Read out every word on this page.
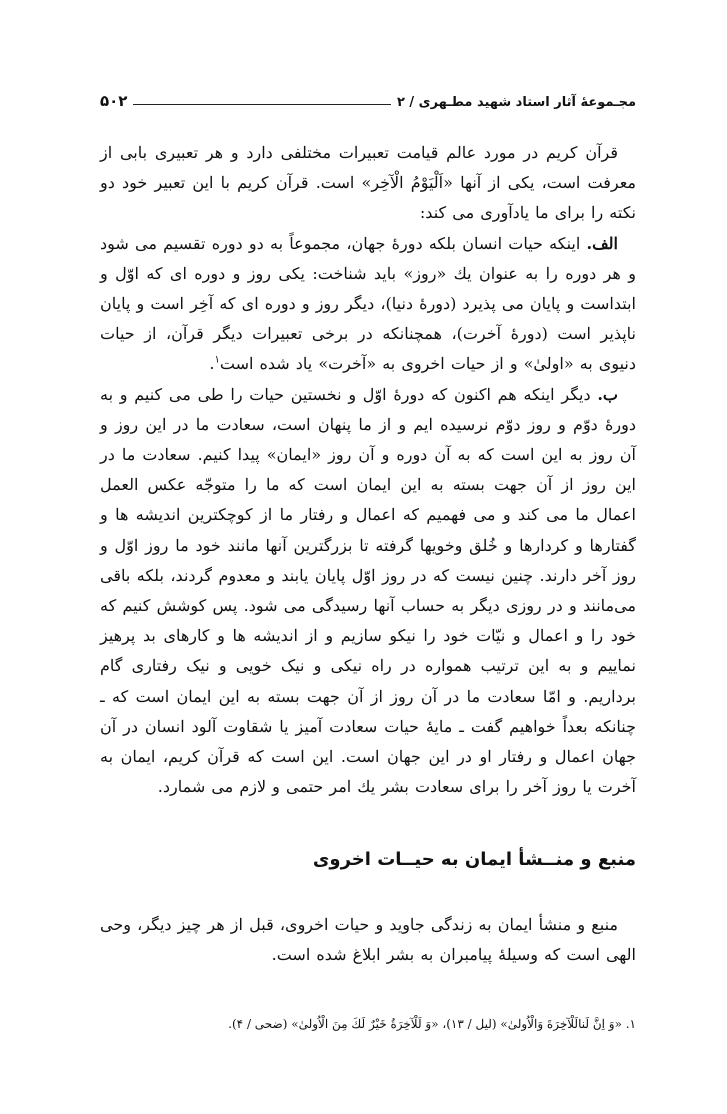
۵۰۲	مجـموعهٔ آثار استاد شهید مطـهری / ۲

قرآن کریم در مورد عالم قیامت تعبیرات مختلفی دارد و هر تعبیری بابی از معرفت است، یکی از آنها «اَلْیَوْمُ الْآخِر» است. قرآن کریم با این تعبیر خود دو نکته را برای ما یادآوری می کند:

الف. اینکه حیات انسان بلکه دورهٔ جهان، مجموعاً به دو دوره تقسیم می شود و هر دوره را به عنوان یك «روز» باید شناخت: یکی روز و دوره ای که اوّل و ابتداست و پایان می پذیرد (دورهٔ دنیا)، دیگر روز و دوره ای که آخِر است و پایان ناپذیر است (دورهٔ آخرت)، همچنانکه در برخی تعبیرات دیگر قرآن، از حیات دنیوی به «اولیٰ» و از حیات اخروی به «آخرت» یاد شده است$^۱$.

ب. دیگر اینکه هم اکنون که دورهٔ اوّل و نخستین حیات را طی می کنیم و به دورهٔ دوّم و روز دوّم نرسیده ایم و از ما پنهان است، سعادت ما در این روز و آن روز به این است که به آن دوره و آن روز «ایمان» پیدا کنیم. سعادت ما در این روز از آن جهت بسته به این ایمان است که ما را متوجّه عکس العمل اعمال ما می کند و می فهمیم که اعمال و رفتار ما از کوچکترین اندیشه ها و گفتارها و کردارها و خُلق وخویها گرفته تا بزرگترین آنها مانند خود ما روز اوّل و روز آخر دارند. چنین نیست که در روز اوّل پایان یابند و معدوم گردند، بلکه باقی می‌مانند و در روزی دیگر به حساب آنها رسیدگی می شود. پس کوشش کنیم که خود را و اعمال و نیّات خود را نیکو سازیم و از اندیشه ها و کارهای بد پرهیز نماییم و به این ترتیب همواره در راه نیکی و نیک خویی و نیک رفتاری گام برداریم. و امّا سعادت ما در آن روز از آن جهت بسته به این ایمان است که ـ چنانکه بعداً خواهیم گفت ـ مایهٔ حیات سعادت آمیز یا شقاوت آلود انسان در آن جهان اعمال و رفتار او در این جهان است. این است که قرآن کریم، ایمان به آخرت یا روز آخر را برای سعادت بشر یك امر حتمی و لازم می شمارد.

منبع و منــشأ ایمان به حیــات اخروی

منبع و منشأ ایمان به زندگی جاوید و حیات اخروی، قبل از هر چیز دیگر، وحی الهی است که وسیلهٔ پیامبران به بشر ابلاغ شده است.

۱. «وَ اِنَّ لَنالَلْآخِرَةَ وَالْاُولیٰ» (لیل / ۱۳)، «وَ لَلْآخِرَةُ خَیْرٌ لَكَ مِنَ الْاُولیٰ» (ضحی / ۴).
